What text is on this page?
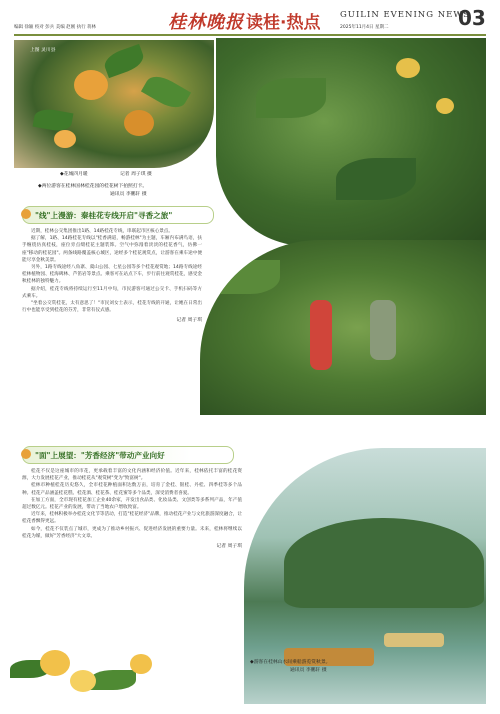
编辑 徐颖 校对 彭兵 美编 赵刚 执行 蒋林	桂林晚报 读桂·热点 GUILIN EVENING NEWS
2025年11月4日 星期二	03
上图 灵川县
◆花城四月暖	记者 周子琪 摄
◆两位游客在桂林国林桂花园的桂花树下拍照打卡。
通讯员 李鹏轩 摄
"线"上漫游：秦桂花专线开启"寻香之旅"

近期，桂林公交集团推出1路、14路桂花专线，串联起市区核心景点。

据了解，1路、14路桂花专线以"桂香满道，畅游桂林"为主题，车厢内布满鸟语，扶手缠绕仿真桂枝，座位旁点缀桂花主题装饰。空气中弥漫着淡淡的桂花香气，仿佛一座"移动的桂花园"。两条线路覆盖核心城区，途经多个桂花观赏点，让游客在乘车途中便能尽享金秋美景。

另外，1路专线途经八角寨、虞山公园、七星公园等多个桂花观赏地；14路专线途经桂林植物园、桂海碑林、芦笛岩等景点。乘客可在站点下车，步行前往观赏桂花，感受金秋桂林的独特魅力。

据介绍，桂花专线将持续运行至11月中旬，市民游客可通过公交卡、手机扫码等方式乘车。

"坐着公交赏桂花，太有意思了！"市民刘女士表示，桂花专线的开通，让她在日常出行中也能享受到桂花的芬芳，非常有仪式感。

记者 周子琪

"面"上展望："芳香经济"带动产业向好

桂花不仅是这座城市的市花，更承载着丰富的文化内涵和经济价值。近年来，桂林依托丰富的桂花资源，大力发展桂花产业，推动桂花从"观赏树"变为"致富树"。

桂林市种植桂花历史悠久，全市桂花种植面积达数万亩，培育了金桂、银桂、丹桂、四季桂等多个品种。桂花产品涵盖桂花糕、桂花酒、桂花茶、桂花蜜等多个品类，深受消费者喜爱。

在加工方面，全市现有桂花加工企业40余家，开发出食品类、化妆品类、文创类等多系列产品，年产值超过数亿元。桂花产业的发展，带动了当地农户增收致富。

近年来，桂林积极举办桂花文化节等活动，打造"桂花经济"品牌，推动桂花产业与文化旅游深度融合，让桂花香飘得更远。

如今，桂花不仅装点了城市，更成为了推动乡村振兴、促进经济发展的重要力量。未来，桂林将继续以桂花为媒，做好"芳香经济"大文章。

记者 周子琪

◆游客在桂林山水间乘船游览赏秋景。
通讯员 李鹏轩 摄
